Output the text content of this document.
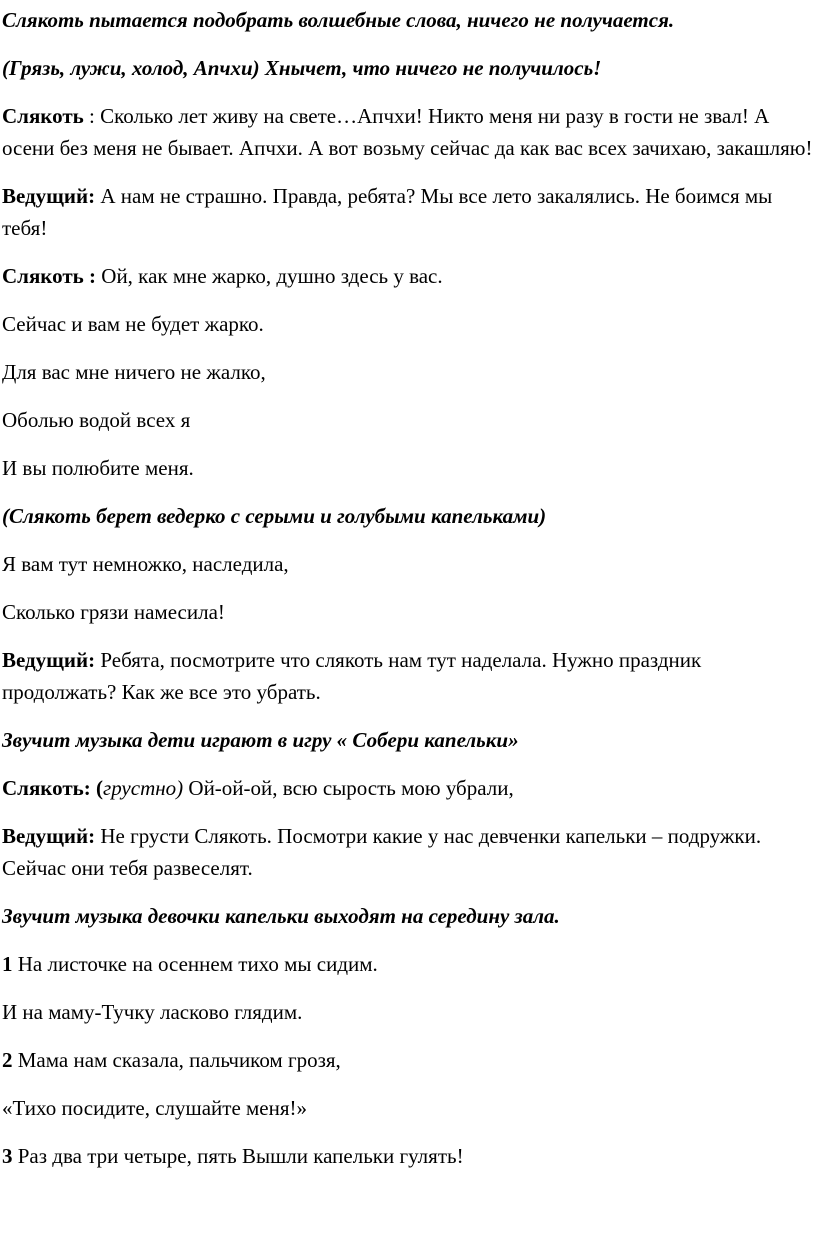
Слякоть пытается подобрать волшебные слова, ничего не получается.

(Грязь, лужи, холод, Апчхи) Хнычет, что ничего не получилось!

Слякоть : Сколько лет живу на свете…Апчхи! Никто меня ни разу в гости не звал! А осени без меня не бывает. Апчхи. А вот возьму сейчас да как вас всех зачихаю, закашляю!

Ведущий: А нам не страшно. Правда, ребята? Мы все лето закалялись. Не боимся мы тебя!

Слякоть : Ой, как мне жарко, душно здесь у вас.

Сейчас и вам не будет жарко.

Для вас мне ничего не жалко,

Оболью водой всех я

И вы полюбите меня.

(Слякоть берет ведерко с серыми и голубыми капельками)

Я вам тут немножко, наследила,

Сколько грязи намесила!

Ведущий: Ребята, посмотрите что слякоть нам тут наделала. Нужно праздник продолжать? Как же все это убрать.

Звучит музыка дети играют в игру « Собери капельки»

Слякоть: (грустно) Ой-ой-ой, всю сырость мою убрали,

Ведущий: Не грусти Слякоть. Посмотри какие у нас девченки капельки – подружки. Сейчас они тебя развеселят.

Звучит музыка девочки капельки выходят на середину зала.

1 На листочке на осеннем тихо мы сидим.

И на маму-Тучку ласково глядим.

2 Мама нам сказала, пальчиком грозя,

«Тихо посидите, слушайте меня!»

3 Раз два три четыре, пять Вышли капельки гулять!
